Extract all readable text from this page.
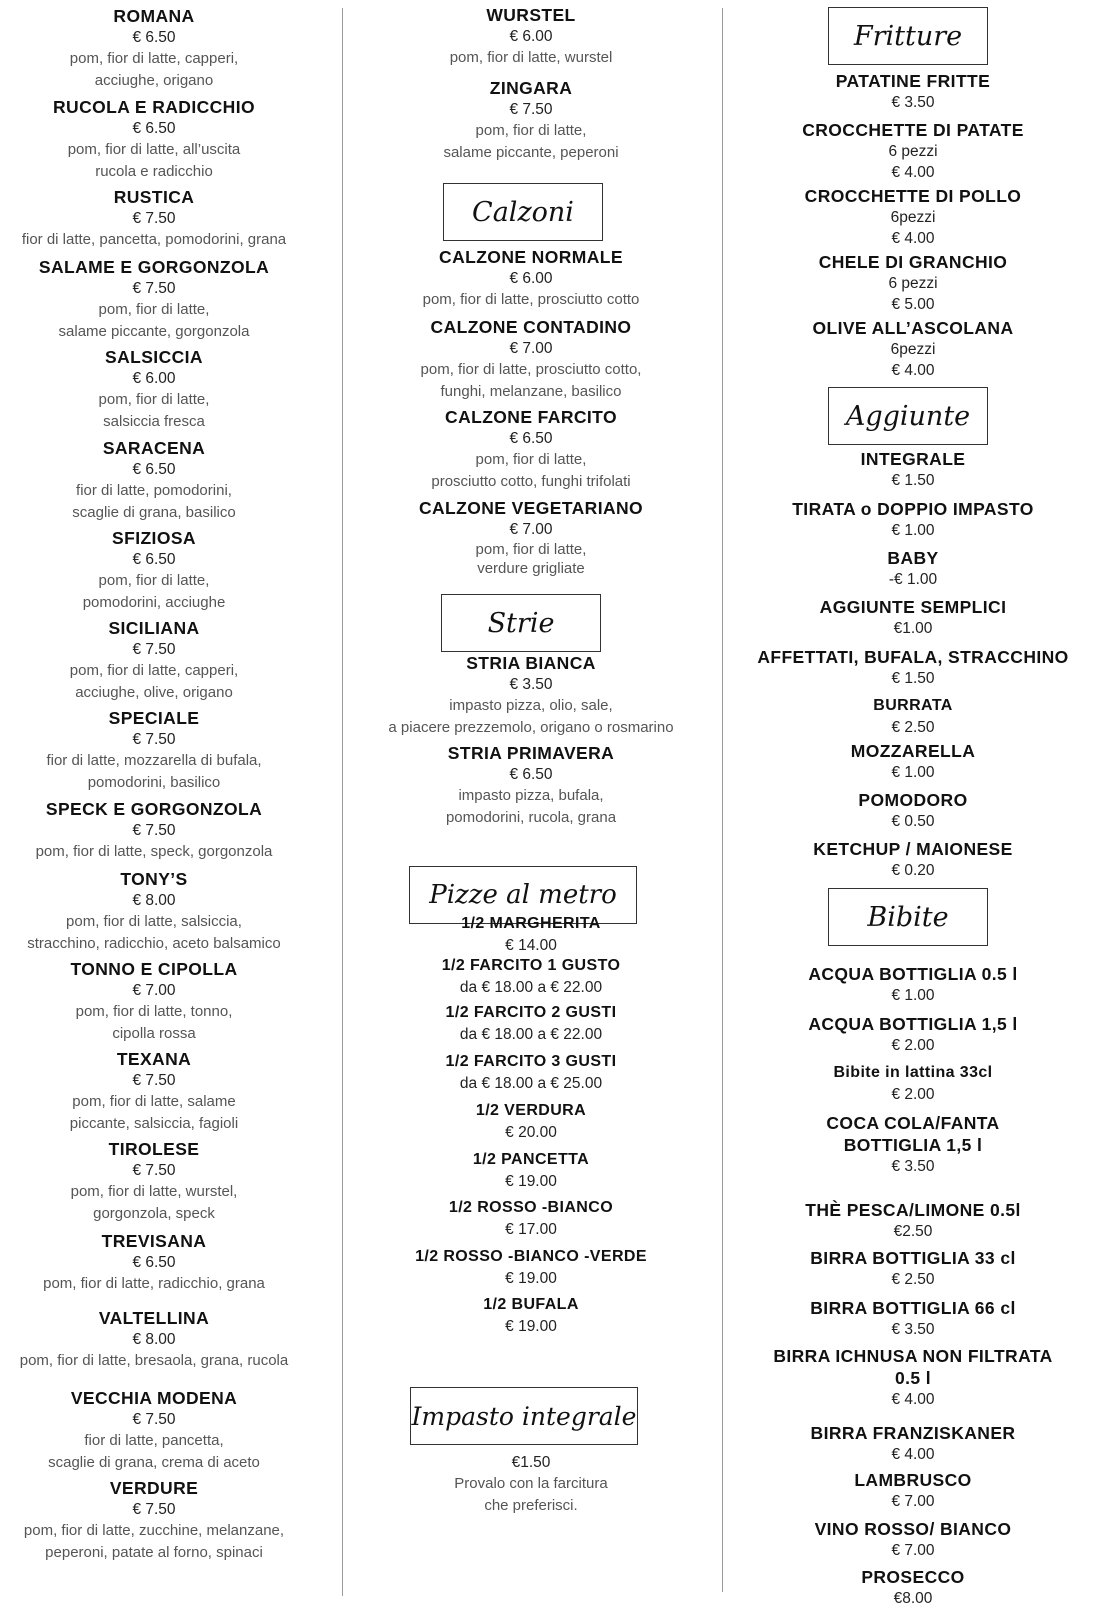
ROMANA
€ 6.50
pom, fior di latte, capperi,
acciughe, origano
RUCOLA E RADICCHIO
€ 6.50
pom, fior di latte, all’uscita
rucola e radicchio
RUSTICA
€ 7.50
fior di latte, pancetta, pomodorini, grana
SALAME E GORGONZOLA
€ 7.50
pom, fior di latte,
salame piccante, gorgonzola
SALSICCIA
€ 6.00
pom, fior di latte,
salsiccia fresca
SARACENA
€ 6.50
fior di latte, pomodorini,
scaglie di grana, basilico
SFIZIOSA
€ 6.50
pom, fior di latte,
pomodorini, acciughe
SICILIANA
€ 7.50
pom, fior di latte, capperi,
acciughe, olive, origano
SPECIALE
€ 7.50
fior di latte, mozzarella di bufala,
pomodorini, basilico
SPECK E GORGONZOLA
€ 7.50
pom, fior di latte, speck, gorgonzola
TONY’S
€ 8.00
pom, fior di latte, salsiccia,
stracchino, radicchio, aceto balsamico
TONNO E CIPOLLA
€ 7.00
pom, fior di latte, tonno,
cipolla rossa
TEXANA
€ 7.50
pom, fior di latte, salame
piccante, salsiccia, fagioli
TIROLESE
€ 7.50
pom, fior di latte, wurstel,
gorgonzola, speck
TREVISANA
€ 6.50
pom, fior di latte, radicchio, grana
VALTELLINA
€ 8.00
pom, fior di latte, bresaola, grana, rucola
VECCHIA MODENA
€ 7.50
fior di latte, pancetta,
scaglie di grana, crema di aceto
VERDURE
€ 7.50
pom, fior di latte, zucchine, melanzane,
peperoni, patate al forno, spinaci
WURSTEL
€ 6.00
pom, fior di latte, wurstel
ZINGARA
€ 7.50
pom, fior di latte,
salame piccante, peperoni
Calzoni
CALZONE NORMALE
€ 6.00
pom, fior di latte, prosciutto cotto
CALZONE CONTADINO
€ 7.00
pom, fior di latte, prosciutto cotto,
funghi, melanzane, basilico
CALZONE FARCITO
€ 6.50
pom, fior di latte,
prosciutto cotto, funghi trifolati
CALZONE VEGETARIANO
€ 7.00
pom, fior di latte,
verdure grigliate
Strie
STRIA BIANCA
€ 3.50
impasto pizza, olio, sale,
a piacere prezzemolo, origano o rosmarino
STRIA PRIMAVERA
€ 6.50
impasto pizza, bufala,
pomodorini, rucola, grana
Pizze al metro
1/2 MARGHERITA
€ 14.00
1/2 FARCITO 1 GUSTO
da € 18.00 a € 22.00
1/2 FARCITO 2 GUSTI
da € 18.00 a € 22.00
1/2 FARCITO 3 GUSTI
da € 18.00 a € 25.00
1/2 VERDURA
€ 20.00
1/2 PANCETTA
€ 19.00
1/2 ROSSO -BIANCO
€ 17.00
1/2 ROSSO -BIANCO -VERDE
€ 19.00
1/2 BUFALA
€ 19.00
Impasto integrale
€1.50
Provalo con la farcitura
che preferisci.
Fritture
PATATINE FRITTE
€ 3.50
CROCCHETTE DI PATATE
6 pezzi
€ 4.00
CROCCHETTE DI POLLO
6pezzi
€ 4.00
CHELE DI GRANCHIO
6 pezzi
€ 5.00
OLIVE ALL’ASCOLANA
6pezzi
€ 4.00
Aggiunte
INTEGRALE
€ 1.50
TIRATA o DOPPIO IMPASTO
€ 1.00
BABY
-€ 1.00
AGGIUNTE SEMPLICI
€1.00
AFFETTATI, BUFALA, STRACCHINO
€ 1.50
BURRATA
€ 2.50
MOZZARELLA
€ 1.00
POMODORO
€ 0.50
KETCHUP / MAIONESE
€ 0.20
Bibite
ACQUA BOTTIGLIA 0.5 l
€ 1.00
ACQUA BOTTIGLIA 1,5 l
€ 2.00
Bibite in lattina 33cl
€ 2.00
COCA COLA/FANTA
BOTTIGLIA 1,5 l
€ 3.50
THÈ PESCA/LIMONE 0.5l
€2.50
BIRRA BOTTIGLIA 33 cl
€ 2.50
BIRRA BOTTIGLIA 66 cl
€ 3.50
BIRRA ICHNUSA NON FILTRATA
0.5 l
€ 4.00
BIRRA FRANZISKANER
€ 4.00
LAMBRUSCO
€ 7.00
VINO ROSSO/ BIANCO
€ 7.00
PROSECCO
€8.00
